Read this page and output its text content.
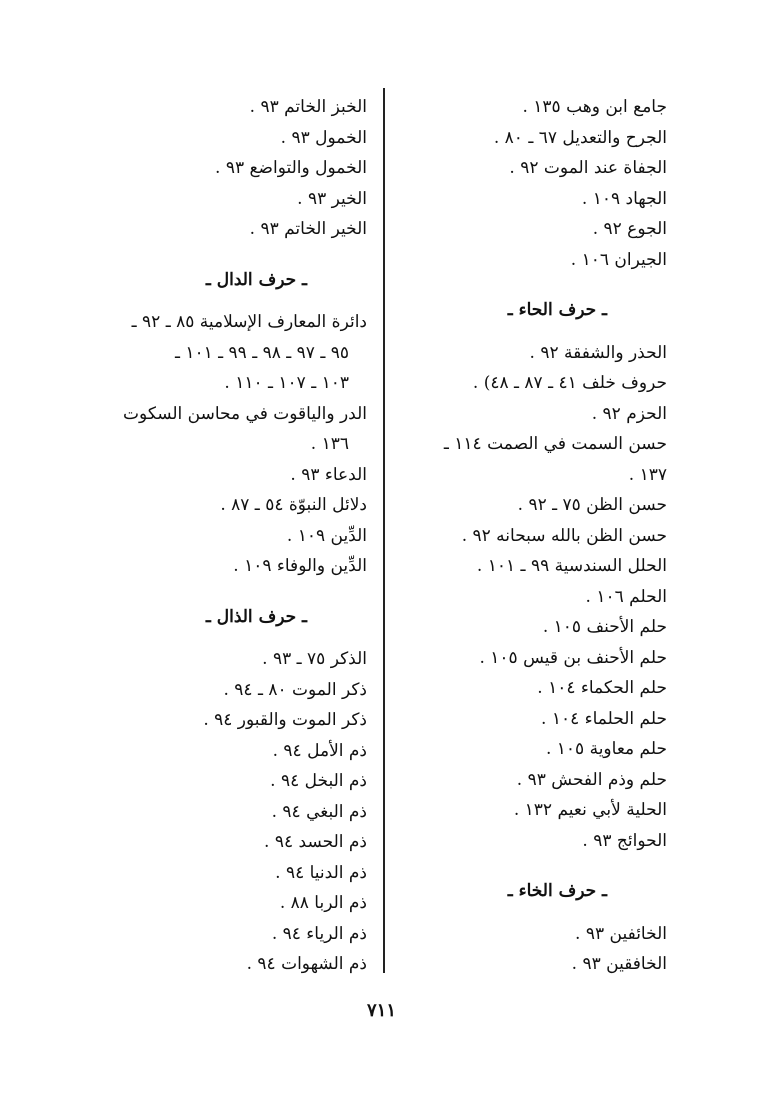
جامع ابن وهب ١٣٥ .
الجرح والتعديل ٦٧ ـ ٨٠ .
الجفاة عند الموت ٩٢ .
الجهاد ١٠٩ .
الجوع ٩٢ .
الجيران ١٠٦ .
ـ حرف الحاء ـ
الحذر والشفقة ٩٢ .
حروف خلف ٤١ ـ ٨٧ ـ ٤٨) .
الحزم ٩٢ .
حسن السمت في الصمت ١١٤ ـ
١٣٧ .
حسن الظن ٧٥ ـ ٩٢ .
حسن الظن بالله سبحانه ٩٢ .
الحلل السندسية ٩٩ ـ ١٠١ .
الحلم ١٠٦ .
حلم الأحنف ١٠٥ .
حلم الأحنف بن قيس ١٠٥ .
حلم الحكماء ١٠٤ .
حلم الحلماء ١٠٤ .
حلم معاوية ١٠٥ .
حلم وذم الفحش ٩٣ .
الحلية لأبي نعيم ١٣٢ .
الحوائج ٩٣ .
ـ حرف الخاء ـ
الخائفين ٩٣ .
الخافقين ٩٣ .
الخبز الخاتم ٩٣ .
الخمول ٩٣ .
الخمول والتواضع ٩٣ .
الخير ٩٣ .
الخير الخاتم ٩٣ .
ـ حرف الدال ـ
دائرة المعارف الإسلامية ٨٥ ـ ٩٢ ـ
٩٥ ـ ٩٧ ـ ٩٨ ـ ٩٩ ـ ١٠١ ـ
١٠٣ ـ ١٠٧ ـ ١١٠ .
الدر والياقوت في محاسن السكوت
١٣٦ .
الدعاء ٩٣ .
دلائل النبوّة ٥٤ ـ ٨٧ .
الدِّين ١٠٩ .
الدِّين والوفاء ١٠٩ .
ـ حرف الذال ـ
الذكر ٧٥ ـ ٩٣ .
ذكر الموت ٨٠ ـ ٩٤ .
ذكر الموت والقبور ٩٤ .
ذم الأمل ٩٤ .
ذم البخل ٩٤ .
ذم البغي ٩٤ .
ذم الحسد ٩٤ .
ذم الدنيا ٩٤ .
ذم الربا ٨٨ .
ذم الرياء ٩٤ .
ذم الشهوات ٩٤ .
٧١١
